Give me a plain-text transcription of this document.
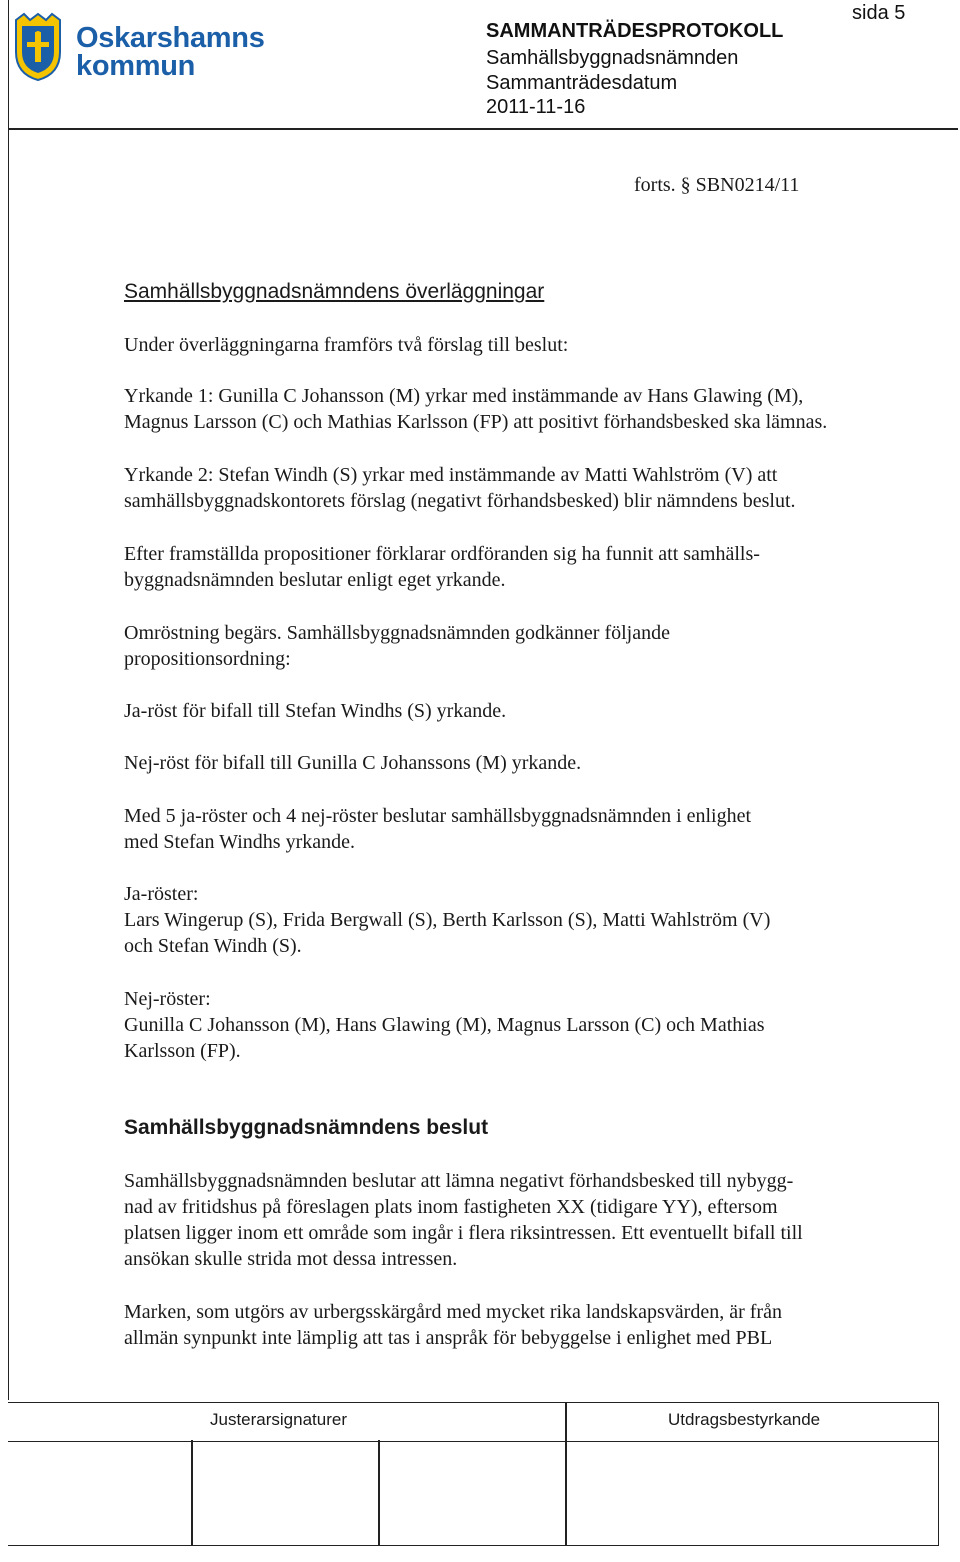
Oskarshamns
kommun
sida 5
SAMMANTRÄDESPROTOKOLL
Samhällsbyggnadsnämnden
Sammanträdesdatum
2011-11-16
forts. § SBN0214/11
Samhällsbyggnadsnämndens överläggningar
Under överläggningarna framförs två förslag till beslut:
Yrkande 1: Gunilla C Johansson (M) yrkar med instämmande av Hans Glawing (M),
Magnus Larsson (C) och Mathias Karlsson (FP) att positivt förhandsbesked ska lämnas.
Yrkande 2: Stefan Windh (S) yrkar med instämmande av Matti Wahlström (V) att
samhällsbyggnadskontorets förslag (negativt förhandsbesked) blir nämndens beslut.
Efter framställda propositioner förklarar ordföranden sig ha funnit att samhälls-
byggnadsnämnden beslutar enligt eget yrkande.
Omröstning begärs. Samhällsbyggnadsnämnden godkänner följande
propositionsordning:
Ja-röst för bifall till Stefan Windhs (S) yrkande.
Nej-röst för bifall till Gunilla C Johanssons (M) yrkande.
Med 5 ja-röster och 4 nej-röster beslutar samhällsbyggnadsnämnden i enlighet
med Stefan Windhs yrkande.
Ja-röster:
Lars Wingerup (S), Frida Bergwall (S), Berth Karlsson (S), Matti Wahlström (V)
och Stefan Windh (S).
Nej-röster:
Gunilla C Johansson (M), Hans Glawing (M), Magnus Larsson (C) och Mathias
Karlsson (FP).
Samhällsbyggnadsnämndens beslut
Samhällsbyggnadsnämnden beslutar att lämna negativt förhandsbesked till nybygg-
nad av fritidshus på föreslagen plats inom fastigheten XX (tidigare YY), eftersom
platsen ligger inom ett område som ingår i flera riksintressen. Ett eventuellt bifall till
ansökan skulle strida mot dessa intressen.
Marken, som utgörs av urbergsskärgård med mycket rika landskapsvärden, är från
allmän synpunkt inte lämplig att tas i anspråk för bebyggelse i enlighet med PBL
Justerarsignaturer	Utdragsbestyrkande
